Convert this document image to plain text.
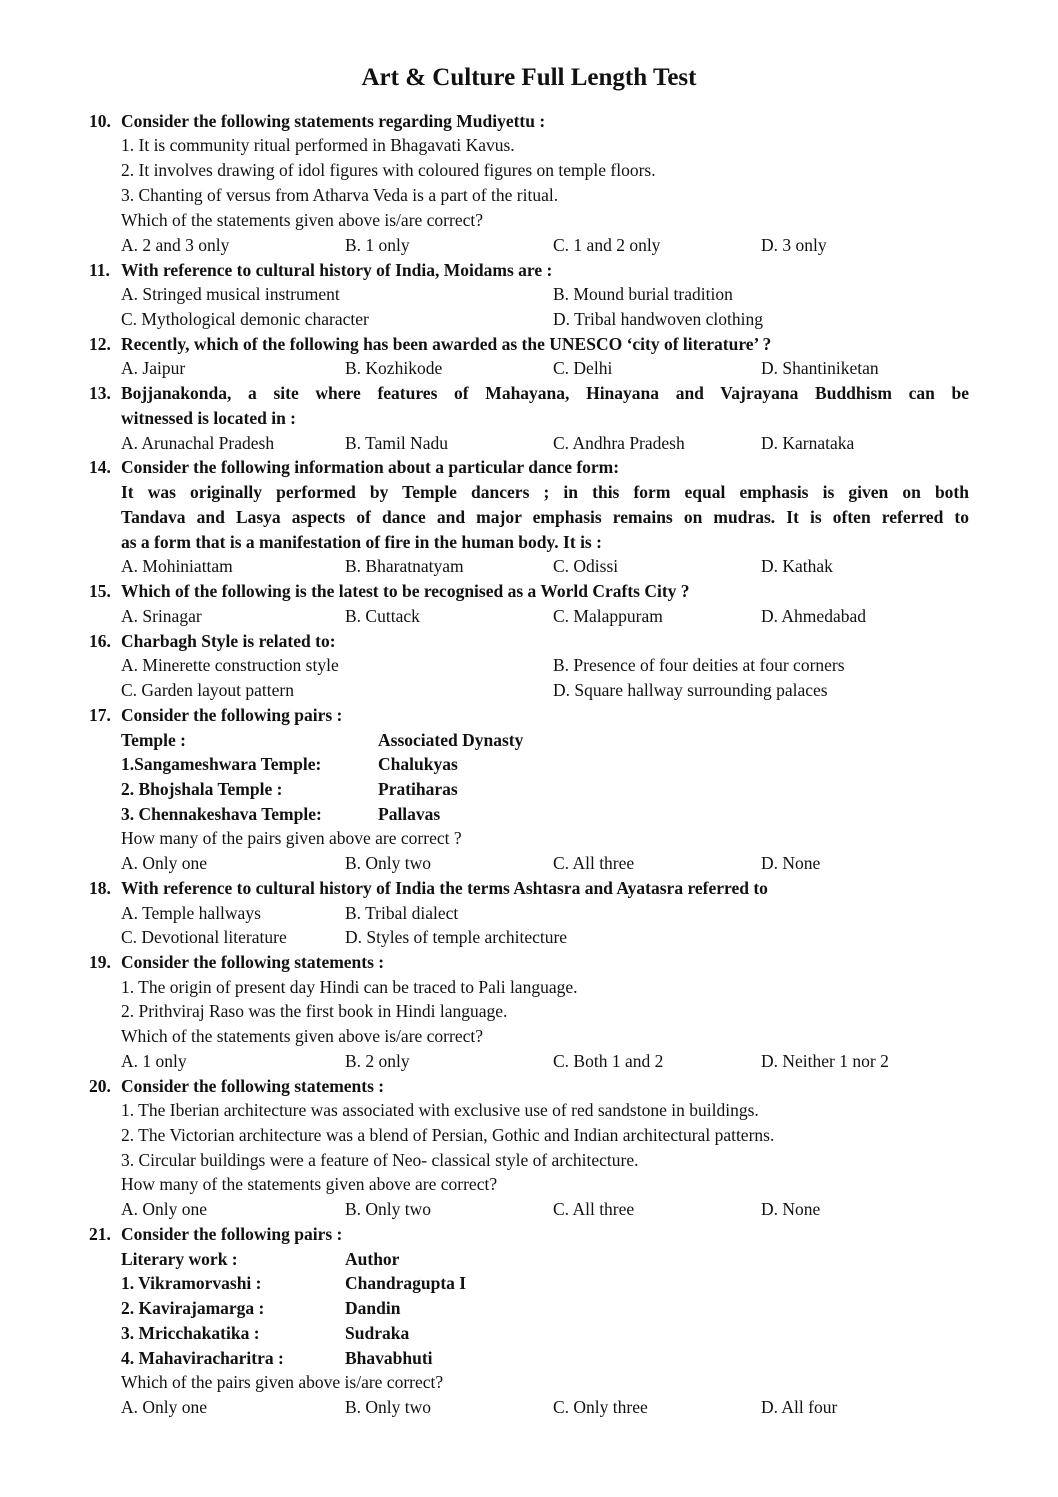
Art & Culture Full Length Test
10. Consider the following statements regarding Mudiyettu :
1. It is community ritual performed in Bhagavati Kavus.
2. It involves drawing of idol figures with coloured figures on temple floors.
3. Chanting of versus from Atharva Veda is a part of the ritual.
Which of the statements given above is/are correct?
A. 2 and 3 only	B. 1 only	C. 1 and 2 only	D. 3 only
11. With reference to cultural history of India, Moidams are :
A. Stringed musical instrument	B. Mound burial tradition
C. Mythological demonic character	D. Tribal handwoven clothing
12. Recently, which of the following has been awarded as the UNESCO ‘city of literature’ ?
A. Jaipur	B. Kozhikode	C. Delhi	D. Shantiniketan
13. Bojjanakonda, a site where features of Mahayana, Hinayana and Vajrayana Buddhism can be
witnessed is located in :
A. Arunachal Pradesh	B. Tamil Nadu	C. Andhra Pradesh	D. Karnataka
14. Consider the following information about a particular dance form:
It was originally performed by Temple dancers ; in this form equal emphasis is given on both
Tandava and Lasya aspects of dance and major emphasis remains on mudras. It is often referred to
as a form that is a manifestation of fire in the human body. It is :
A. Mohiniattam	B. Bharatnatyam	C. Odissi	D. Kathak
15. Which of the following is the latest to be recognised as a World Crafts City ?
A. Srinagar	B. Cuttack	C. Malappuram	D. Ahmedabad
16. Charbagh Style is related to:
A. Minerette construction style	B. Presence of four deities at four corners
C. Garden layout pattern	D. Square hallway surrounding palaces
17. Consider the following pairs :
Temple :	Associated Dynasty
1.Sangameshwara Temple:	Chalukyas
2. Bhojshala Temple :	Pratiharas
3. Chennakeshava Temple:	Pallavas
How many of the pairs given above are correct ?
A. Only one	B. Only two	C. All three	D. None
18. With reference to cultural history of India the terms Ashtasra and Ayatasra referred to
A. Temple hallways	B. Tribal dialect
C. Devotional literature	D. Styles of temple architecture
19. Consider the following statements :
1. The origin of present day Hindi can be traced to Pali language.
2. Prithviraj Raso was the first book in Hindi language.
Which of the statements given above is/are correct?
A. 1 only	B. 2 only	C. Both 1 and 2	D. Neither 1 nor 2
20. Consider the following statements :
1. The Iberian architecture was associated with exclusive use of red sandstone in buildings.
2. The Victorian architecture was a blend of Persian, Gothic and Indian architectural patterns.
3. Circular buildings were a feature of Neo- classical style of architecture.
How many of the statements given above are correct?
A. Only one	B. Only two	C. All three	D. None
21. Consider the following pairs :
Literary work :	Author
1. Vikramorvashi :	Chandragupta I
2. Kavirajamarga :	Dandin
3. Mricchakatika :	Sudraka
4. Mahaviracharitra :	Bhavabhuti
Which of the pairs given above is/are correct?
A. Only one	B. Only two	C. Only three	D. All four
